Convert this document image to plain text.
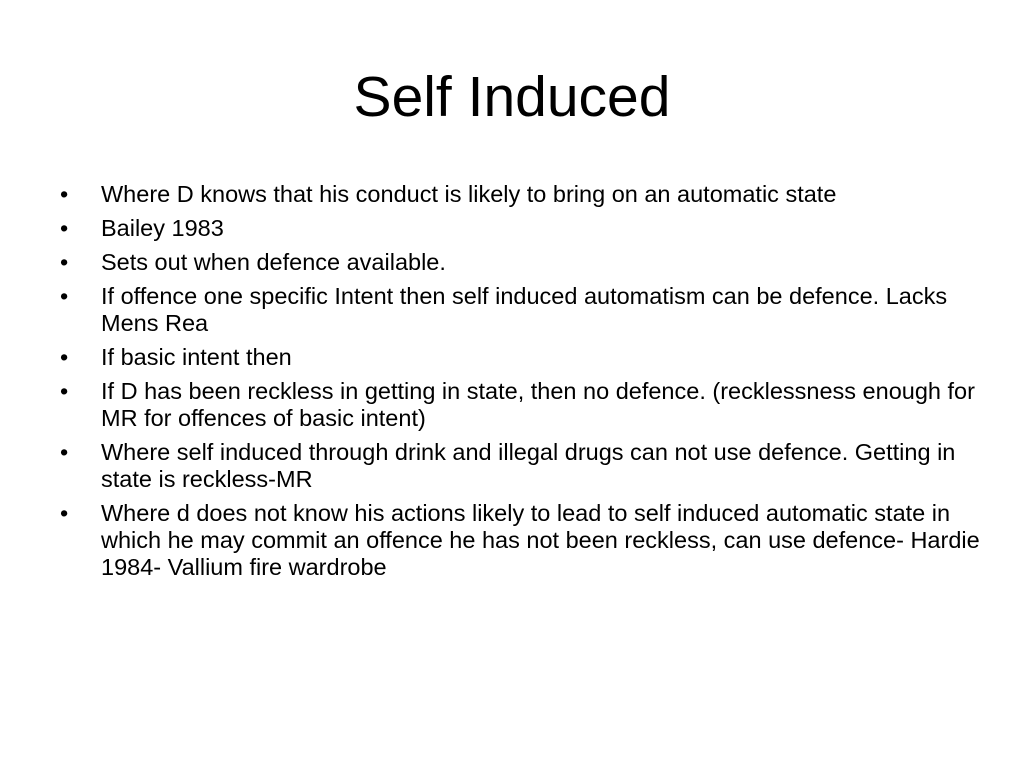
Self Induced
• Where D knows that his conduct is likely to bring on an automatic state
• Bailey 1983
• Sets out when defence available.
• If offence one specific Intent then self induced automatism can be defence. Lacks Mens Rea
• If basic intent then
• If D has been reckless in getting in state, then no defence. (recklessness enough for MR for offences of basic intent)
• Where self induced through drink and illegal drugs can not use defence. Getting in state is reckless-MR
• Where d does not know his actions likely to lead to self induced automatic state in which he may commit an offence he has not been reckless, can use defence- Hardie 1984- Vallium fire wardrobe
